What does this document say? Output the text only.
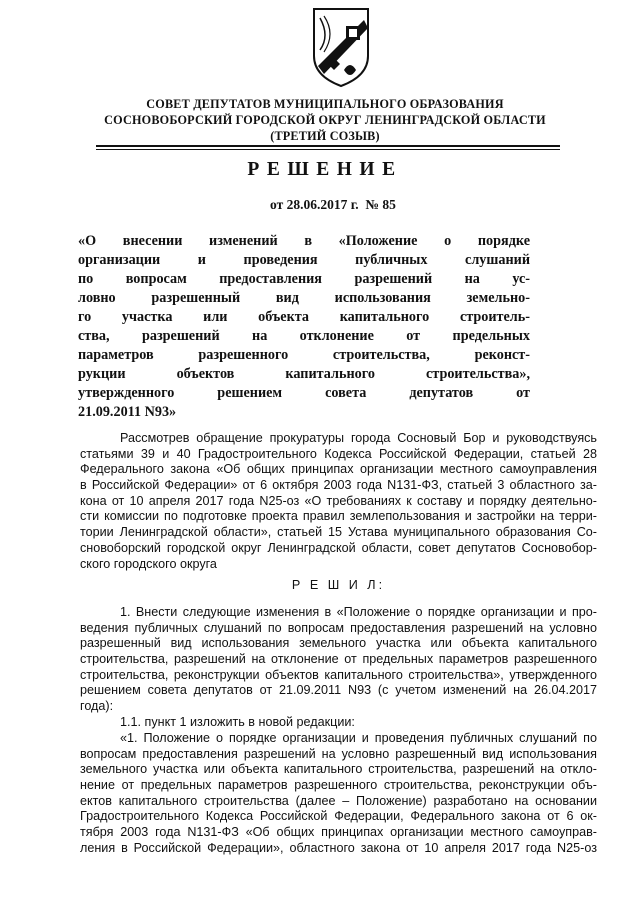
СОВЕТ ДЕПУТАТОВ МУНИЦИПАЛЬНОГО ОБРАЗОВАНИЯ
СОСНОВОБОРСКИЙ ГОРОДСКОЙ ОКРУГ ЛЕНИНГРАДСКОЙ ОБЛАСТИ
(ТРЕТИЙ СОЗЫВ)
РЕШЕНИЕ
от 28.06.2017 г.  № 85
«О внесении изменений в «Положение о порядке
организации и проведения публичных слушаний
по вопросам предоставления разрешений на ус-
ловно разрешенный вид использования земельно-
го участка или объекта капитального строитель-
ства, разрешений на отклонение от предельных
параметров разрешенного строительства, реконст-
рукции объектов капитального строительства»,
утвержденного решением совета депутатов от
21.09.2011 N93»
Рассмотрев обращение прокуратуры города Сосновый Бор и руководствуясь
статьями 39 и 40 Градостроительного Кодекса Российской Федерации, статьей 28
Федерального закона «Об общих принципах организации местного самоуправления
в Российской Федерации» от 6 октября 2003 года N131-ФЗ, статьей 3 областного за-
кона от 10 апреля 2017 года N25-оз «О требованиях к составу и порядку деятельно-
сти комиссии по подготовке проекта правил землепользования и застройки на терри-
тории Ленинградской области», статьей 15 Устава муниципального образования Со-
сновоборский городской округ Ленинградской области, совет депутатов Сосновобор-
ского городского округа
Р Е Ш И Л:
1. Внести следующие изменения в «Положение о порядке организации и про-
ведения публичных слушаний по вопросам предоставления разрешений на условно
разрешенный вид использования земельного участка или объекта капитального
строительства, разрешений на отклонение от предельных параметров разрешенного
строительства, реконструкции объектов капитального строительства», утвержденного
решением совета депутатов от 21.09.2011 N93 (с учетом изменений на 26.04.2017
года):
1.1. пункт 1 изложить в новой редакции:
«1. Положение о порядке организации и проведения публичных слушаний по
вопросам предоставления разрешений на условно разрешенный вид использования
земельного участка или объекта капитального строительства, разрешений на откло-
нение от предельных параметров разрешенного строительства, реконструкции объ-
ектов капитального строительства (далее – Положение) разработано на основании
Градостроительного Кодекса Российской Федерации, Федерального закона от 6 ок-
тября 2003 года N131-ФЗ «Об общих принципах организации местного самоуправ-
ления в Российской Федерации», областного закона от 10 апреля 2017 года N25-оз
